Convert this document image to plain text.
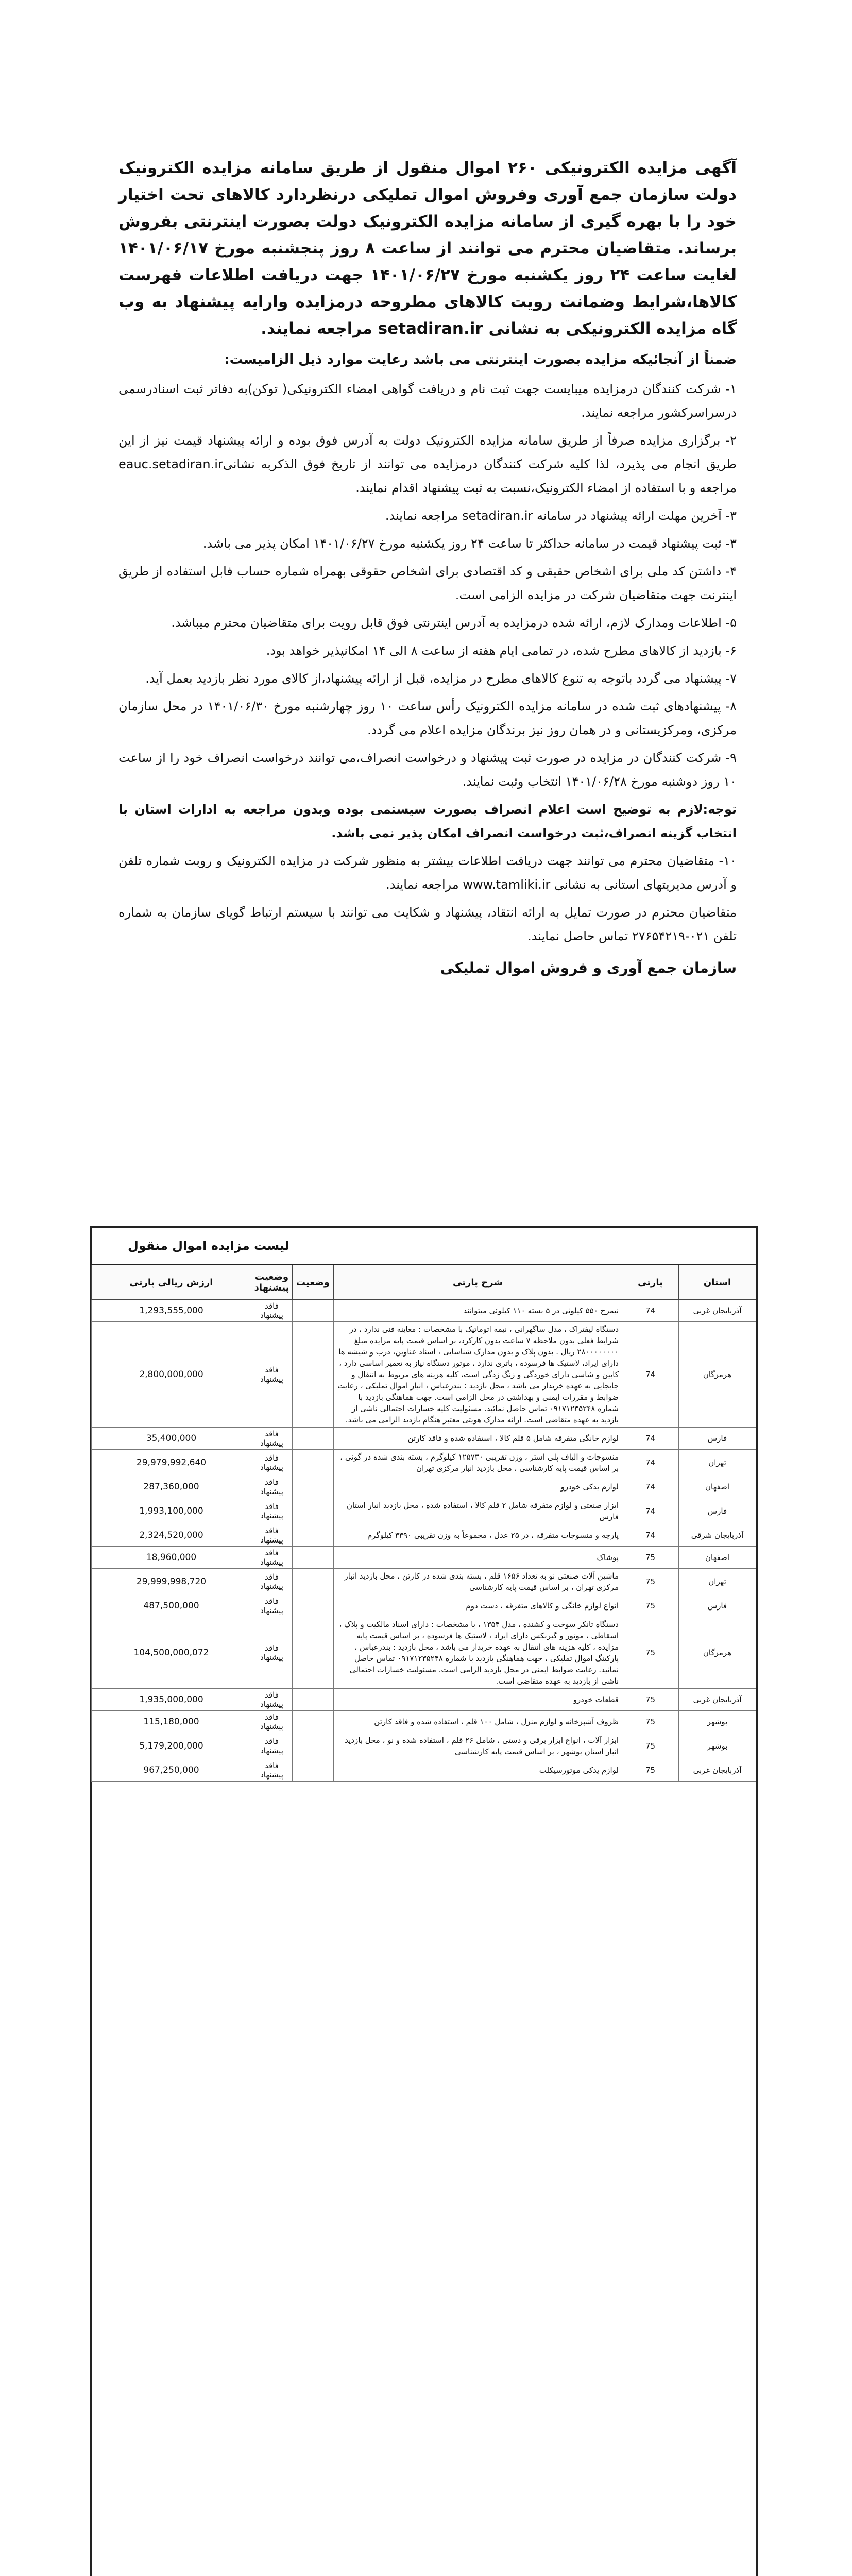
آگهی مزایده الکترونیکی ۲۶۰ اموال منقول از طریق سامانه مزایده الکترونیک دولت سازمان جمع آوری وفروش اموال تملیکی درنظردارد کالاهای تحت اختیار خود را با بهره گیری از سامانه مزایده الکترونیک دولت بصورت اینترنتی بفروش برساند. متقاضیان محترم می توانند از ساعت ۸ روز پنجشنبه مورخ ۱۴۰۱/۰۶/۱۷ لغایت ساعت ۲۴ روز یکشنبه مورخ ۱۴۰۱/۰۶/۲۷ جهت دریافت اطلاعات فهرست کالاها،شرایط وضمانت رویت کالاهای مطروحه درمزایده وارایه پیشنهاد به وب گاه مزایده الکترونیکی به نشانی setadiran.ir مراجعه نمایند.

ضمناً از آنجائیکه مزایده بصورت اینترنتی می باشد رعایت موارد ذیل الزامیست:

۱- شرکت کنندگان درمزایده میبایست جهت ثبت نام و دریافت گواهی امضاء الکترونیکی( توکن)به دفاتر ثبت اسنادرسمی درسراسرکشور مراجعه نمایند.

۲- برگزاری مزایده صرفاً از طریق سامانه مزایده الکترونیک دولت به آدرس فوق بوده و ارائه پیشنهاد قیمت نیز از این طریق انجام می پذیرد، لذا کلیه شرکت کنندگان درمزایده می توانند از تاریخ فوق الذکربه نشانیeauc.setadiran.ir مراجعه و با استفاده از امضاء الکترونیک،نسبت به ثبت پیشنهاد اقدام نمایند.

۳- آخرین مهلت ارائه پیشنهاد در سامانه setadiran.ir مراجعه نمایند.

۳- ثبت پیشنهاد قیمت در سامانه حداکثر تا ساعت ۲۴ روز یکشنبه مورخ ۱۴۰۱/۰۶/۲۷ امکان پذیر می باشد.

۴- داشتن کد ملی برای اشخاص حقیقی و کد اقتصادی برای اشخاص حقوقی بهمراه شماره حساب فابل استفاده از طریق اینترنت جهت متقاضیان شرکت در مزایده الزامی است.

۵- اطلاعات ومدارک لازم، ارائه شده درمزایده به آدرس اینترنتی فوق قابل رویت برای متقاضیان محترم میباشد.

۶- بازدید از کالاهای مطرح شده، در تمامی ایام هفته از ساعت ۸ الی ۱۴ امکانپذیر خواهد بود.

۷- پیشنهاد می گردد باتوجه به تنوع کالاهای مطرح در مزایده، قبل از ارائه پیشنهاد،از کالای مورد نظر بازدید بعمل آید.

۸- پیشنهادهای ثبت شده در سامانه مزایده الکترونیک رأس ساعت ۱۰ روز چهارشنبه مورخ ۱۴۰۱/۰۶/۳۰ در محل سازمان مرکزی، ومرکزیستانی و در همان روز نیز برندگان مزایده اعلام می گردد.

۹- شرکت کنندگان در مزایده در صورت ثبت پیشنهاد و درخواست انصراف،می توانند درخواست انصراف خود را از ساعت ۱۰ روز دوشنبه مورخ ۱۴۰۱/۰۶/۲۸ انتخاب وثبت نمایند.

توجه:لازم به توضیح است اعلام انصراف بصورت سیستمی بوده وبدون مراجعه به ادارات استان با انتخاب گزینه انصراف،ثبت درخواست انصراف امکان پذیر نمی باشد.

۱۰- متقاضیان محترم می توانند جهت دریافت اطلاعات بیشتر به منظور شرکت در مزایده الکترونیک و روبت شماره تلفن و آدرس مدیریتهای استانی به نشانی www.tamliki.ir مراجعه نمایند.

متقاضیان محترم در صورت تمایل به ارائه انتقاد، پیشنهاد و شکایت می توانند با سیستم ارتباط گویای سازمان به شماره تلفن ۰۲۱-۲۷۶۵۴۲۱۹ تماس حاصل نمایند.

سازمان جمع آوری و فروش اموال تملیکی

لیست مزایده اموال منقول
استان	پارتی	شرح پارتی	وضعیت	وضعیت پیشنهاد	ارزش ریالی پارتی
آذربایجان غربی	74	نیمرخ ۵۵۰ کیلوئی در ۵ بسته ۱۱۰ کیلوئی میتوانند		فاقد پیشنهاد	1,293,555,000
هرمزگان	74	دستگاه لیفتراک ، مدل ساگهرانی ، نیمه اتوماتیک با مشخصات : معاینه فنی ندارد ، در شرایط فعلی بدون ملاحظه ۷ ساعت بدون کارکرد، بر اساس قیمت پایه مزایده مبلغ ۲۸۰۰۰۰۰۰۰۰ ریال . بدون پلاک و بدون مدارک شناسایی ، اسناد عناوین، درب و شیشه ها دارای ایراد، لاستیک ها فرسوده ، باتری ندارد ، موتور دستگاه نیاز به تعمیر اساسی دارد ، کابین و شاسی دارای خوردگی و زنگ زدگی است، کلیه هزینه های مربوط به انتقال و جابجایی به عهده خریدار می باشد ، محل بازدید : بندرعباس ، انبار اموال تملیکی ، رعایت ضوابط و مقررات ایمنی و بهداشتی در محل الزامی است. جهت هماهنگی بازدید با شماره ۰۹۱۷۱۲۳۵۲۴۸ تماس حاصل نمائید. مسئولیت کلیه خسارات احتمالی ناشی از بازدید به عهده متقاضی است. ارائه مدارک هویتی معتبر هنگام بازدید الزامی می باشد.		فاقد پیشنهاد	2,800,000,000
فارس	74	لوازم خانگی متفرقه شامل ۵ قلم کالا ، استفاده شده و فاقد کارتن		فاقد پیشنهاد	35,400,000
تهران	74	منسوجات و الیاف پلی استر ، وزن تقریبی ۱۲۵۷۳۰ کیلوگرم ، بسته بندی شده در گونی ، بر اساس قیمت پایه کارشناسی ، محل بازدید انبار مرکزی تهران		فاقد پیشنهاد	29,979,992,640
اصفهان	74	لوازم یدکی خودرو		فاقد پیشنهاد	287,360,000
فارس	74	ابزار صنعتی و لوازم متفرقه شامل ۲ قلم کالا ، استفاده شده ، محل بازدید انبار استان فارس		فاقد پیشنهاد	1,993,100,000
آذربایجان شرقی	74	پارچه و منسوجات متفرقه ، در ۲۵ عدل ، مجموعاً به وزن تقریبی ۳۳۹۰ کیلوگرم		فاقد پیشنهاد	2,324,520,000
اصفهان	75	پوشاک		فاقد پیشنهاد	18,960,000
تهران	75	ماشین آلات صنعتی نو به تعداد ۱۶۵۶ قلم ، بسته بندی شده در کارتن ، محل بازدید انبار مرکزی تهران ، بر اساس قیمت پایه کارشناسی		فاقد پیشنهاد	29,999,998,720
فارس	75	انواع لوازم خانگی و کالاهای متفرقه ، دست دوم		فاقد پیشنهاد	487,500,000
هرمزگان	75	دستگاه تانکر سوخت و کشنده ، مدل ۱۳۵۴ ، با مشخصات : دارای اسناد مالکیت و پلاک ، اسقاطی ، موتور و گیربکس دارای ایراد ، لاستیک ها فرسوده ، بر اساس قیمت پایه مزایده ، کلیه هزینه های انتقال به عهده خریدار می باشد ، محل بازدید : بندرعباس ، پارکینگ اموال تملیکی ، جهت هماهنگی بازدید با شماره ۰۹۱۷۱۲۳۵۲۴۸ تماس حاصل نمائید. رعایت ضوابط ایمنی در محل بازدید الزامی است. مسئولیت خسارات احتمالی ناشی از بازدید به عهده متقاضی است.		فاقد پیشنهاد	104,500,000,072
آذربایجان غربی	75	قطعات خودرو		فاقد پیشنهاد	1,935,000,000
بوشهر	75	ظروف آشپزخانه و لوازم منزل ، شامل ۱۰۰ قلم ، استفاده شده و فاقد کارتن		فاقد پیشنهاد	115,180,000
بوشهر	75	ابزار آلات ، انواع ابزار برقی و دستی ، شامل ۲۶ قلم ، استفاده شده و نو ، محل بازدید انبار استان بوشهر ، بر اساس قیمت پایه کارشناسی		فاقد پیشنهاد	5,179,200,000
آذربایجان غربی	75	لوازم یدکی موتورسیکلت		فاقد پیشنهاد	967,250,000
